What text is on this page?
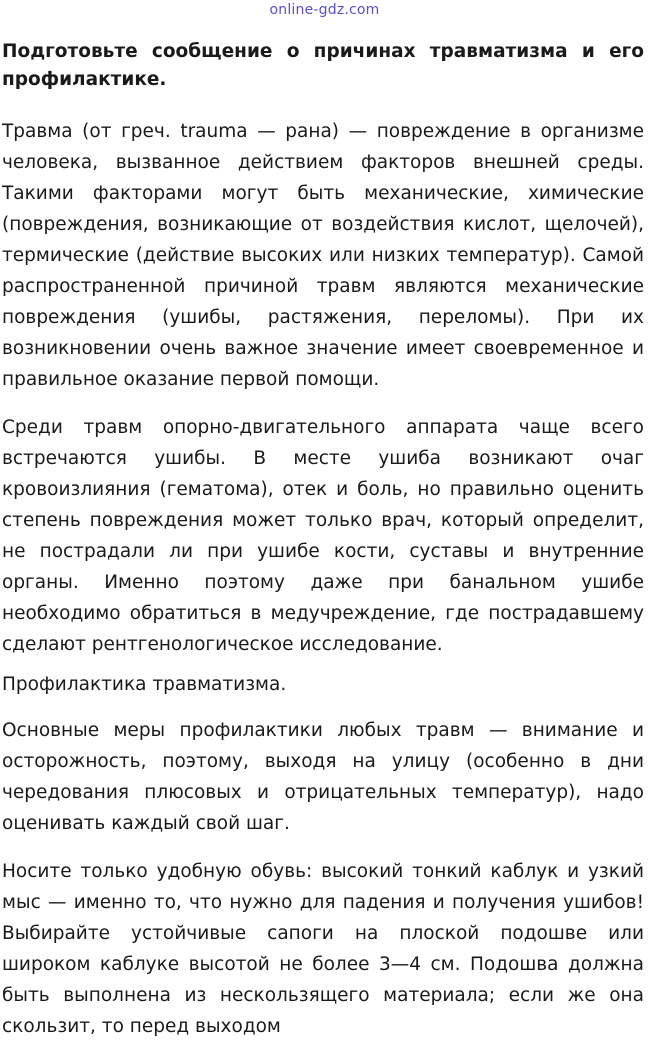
online-gdz.com

Подготовьте сообщение о причинах травматизма и его профилактике.

Травма (от греч. trauma — рана) — повреждение в организме человека, вызванное действием факторов внешней среды. Такими факторами могут быть механические, химические (повреждения, возникающие от воздействия кислот, щелочей), термические (действие высоких или низких температур). Самой распространенной причиной травм являются механические повреждения (ушибы, растяжения, переломы). При их возникновении очень важное значение имеет своевременное и правильное оказание первой помощи.

Среди травм опорно-двигательного аппарата чаще всего встречаются ушибы. В месте ушиба возникают очаг кровоизлияния (гематома), отек и боль, но правильно оценить степень повреждения может только врач, который определит, не пострадали ли при ушибе кости, суставы и внутренние органы. Именно поэтому даже при банальном ушибе необходимо обратиться в медучреждение, где пострадавшему сделают рентгенологическое исследование.

Профилактика травматизма.

Основные меры профилактики любых травм — внимание и осторожность, поэтому, выходя на улицу (особенно в дни чередования плюсовых и отрицательных температур), надо оценивать каждый свой шаг.

Носите только удобную обувь: высокий тонкий каблук и узкий мыс — именно то, что нужно для падения и получения ушибов! Выбирайте устойчивые сапоги на плоской подошве или широком каблуке высотой не более 3—4 см. Подошва должна быть выполнена из нескользящего материала; если же она скользит, то перед выходом
